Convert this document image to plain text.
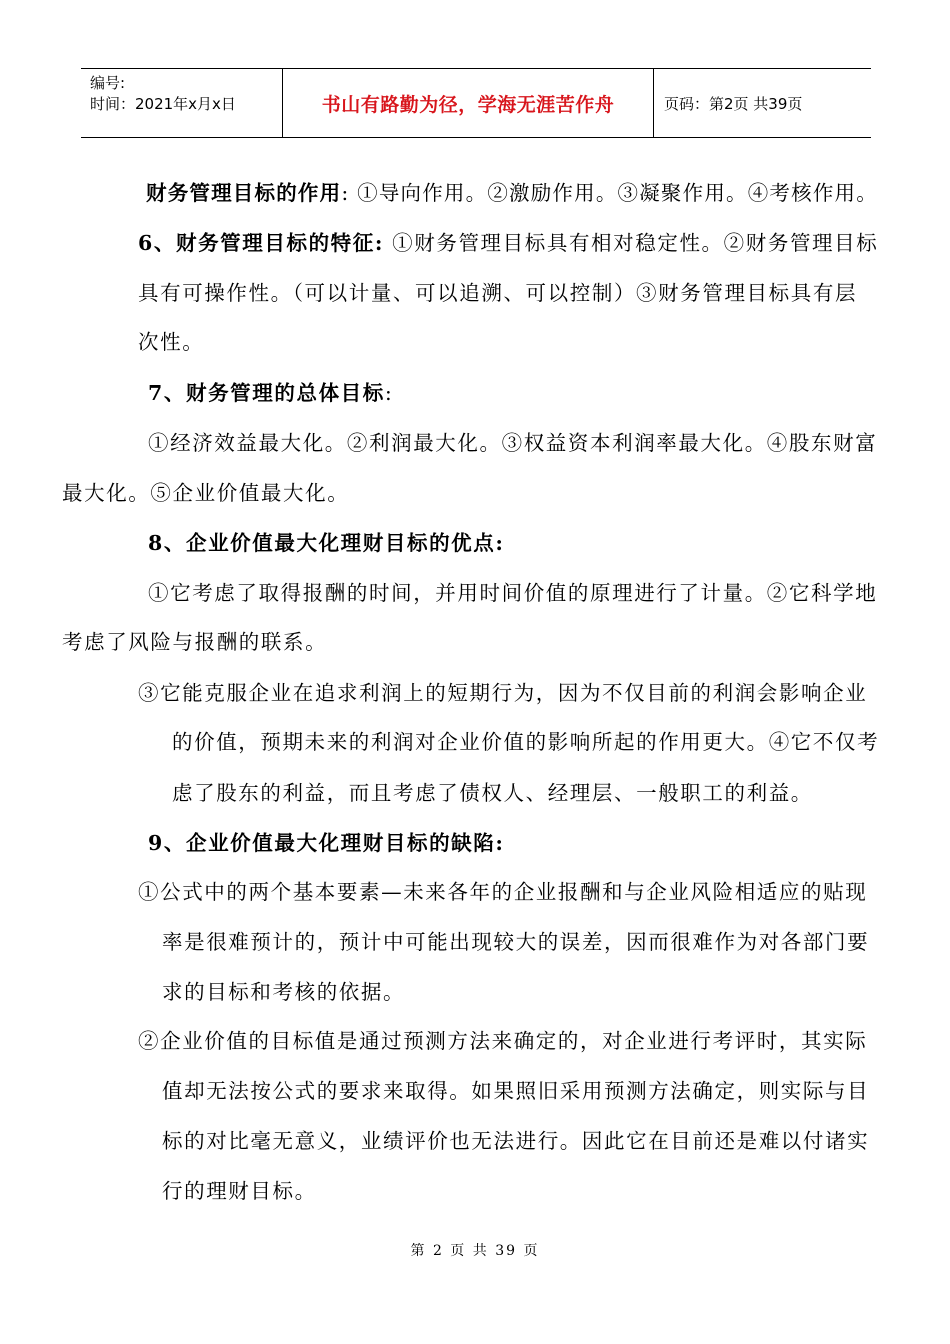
编号:
时间：2021年x月x日	书山有路勤为径，学海无涯苦作舟	页码：第2页 共39页
财务管理目标的作用: ①导向作用。②激励作用。③凝聚作用。④考核作用。
6、财务管理目标的特征: ①财务管理目标具有相对稳定性。②财务管理目标
具有可操作性。（可以计量、可以追溯、可以控制）③财务管理目标具有层
次性。
7、财务管理的总体目标:
①经济效益最大化。②利润最大化。③权益资本利润率最大化。④股东财富
最大化。⑤企业价值最大化。
8、企业价值最大化理财目标的优点:
①它考虑了取得报酬的时间，并用时间价值的原理进行了计量。②它科学地
考虑了风险与报酬的联系。
③它能克服企业在追求利润上的短期行为，因为不仅目前的利润会影响企业
的价值，预期未来的利润对企业价值的影响所起的作用更大。④它不仅考
虑了股东的利益，而且考虑了债权人、经理层、一般职工的利益。
9、企业价值最大化理财目标的缺陷:
①公式中的两个基本要素—未来各年的企业报酬和与企业风险相适应的贴现
率是很难预计的，预计中可能出现较大的误差，因而很难作为对各部门要
求的目标和考核的依据。
②企业价值的目标值是通过预测方法来确定的，对企业进行考评时，其实际
值却无法按公式的要求来取得。如果照旧采用预测方法确定，则实际与目
标的对比毫无意义，业绩评价也无法进行。因此它在目前还是难以付诸实
行的理财目标。
第 2 页 共 39 页
